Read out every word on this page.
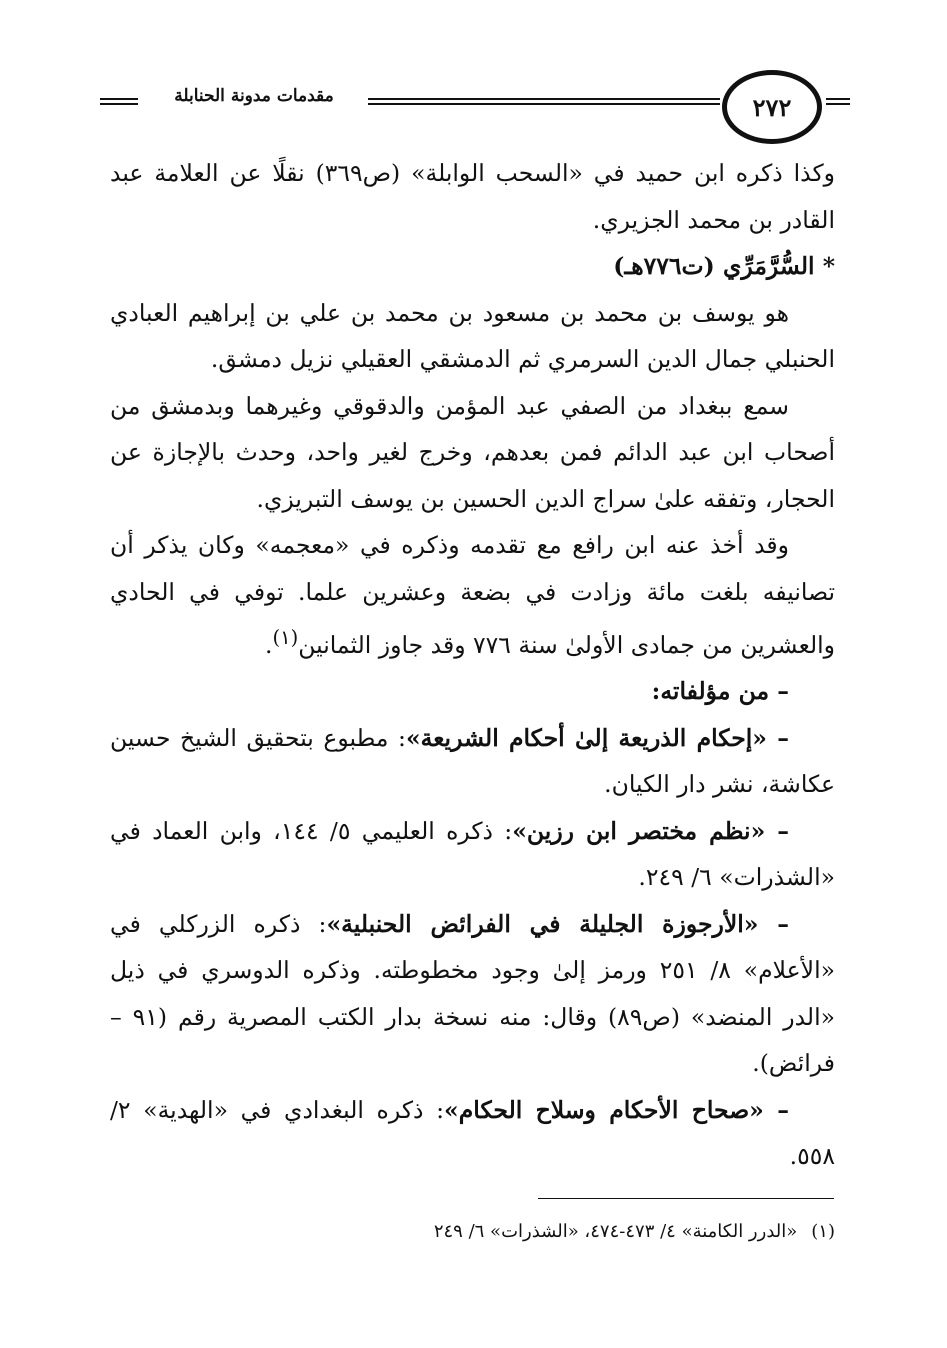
مقدمات مدونة الحنابلة	٢٧٢

وكذا ذكره ابن حميد في «السحب الوابلة» (ص٣٦٩) نقلًا عن العلامة عبد القادر بن محمد الجزيري.

* السُّرَّمَرِّي (ت٧٧٦هـ)

هو يوسف بن محمد بن مسعود بن محمد بن علي بن إبراهيم العبادي الحنبلي جمال الدين السرمري ثم الدمشقي العقيلي نزيل دمشق.

سمع ببغداد من الصفي عبد المؤمن والدقوقي وغيرهما وبدمشق من أصحاب ابن عبد الدائم فمن بعدهم، وخرج لغير واحد، وحدث بالإجازة عن الحجار، وتفقه علىٰ سراج الدين الحسين بن يوسف التبريزي.

وقد أخذ عنه ابن رافع مع تقدمه وذكره في «معجمه» وكان يذكر أن تصانيفه بلغت مائة وزادت في بضعة وعشرين علما. توفي في الحادي والعشرين من جمادى الأولىٰ سنة ٧٧٦ وقد جاوز الثمانين$^{(١)}$.

– من مؤلفاته:

– «إحكام الذريعة إلىٰ أحكام الشريعة»: مطبوع بتحقيق الشيخ حسين عكاشة، نشر دار الكيان.

– «نظم مختصر ابن رزين»: ذكره العليمي ٥/ ١٤٤، وابن العماد في «الشذرات» ٦/ ٢٤٩.

– «الأرجوزة الجليلة في الفرائض الحنبلية»: ذكره الزركلي في «الأعلام» ٨/ ٢٥١ ورمز إلىٰ وجود مخطوطته. وذكره الدوسري في ذيل «الدر المنضد» (ص٨٩) وقال: منه نسخة بدار الكتب المصرية رقم (٩١ – فرائض).

– «صحاح الأحكام وسلاح الحكام»: ذكره البغدادي في «الهدية» ٢/ ٥٥٨.

(١)«الدرر الكامنة» ٤/ ٤٧٣-٤٧٤، «الشذرات» ٦/ ٢٤٩
